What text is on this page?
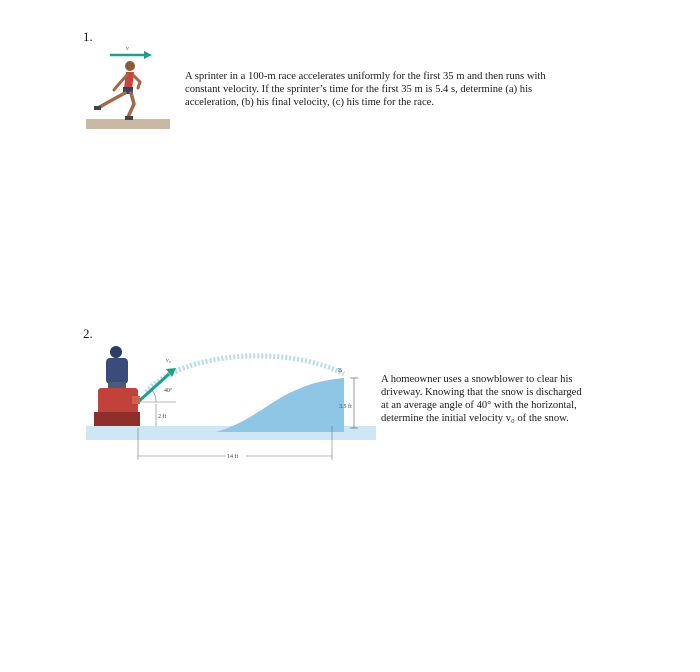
1.
v

A sprinter in a 100-m race accelerates uniformly for the first 35 m and then runs with
constant velocity. If the sprinter’s time for the first 35 m is 5.4 s, determine (a) his
acceleration, (b) his final velocity, (c) his time for the race.

2.
v₀
40°
2 ft
B
3.5 ft
14 ft

A homeowner uses a snowblower to clear his
driveway. Knowing that the snow is discharged
at an average angle of 40° with the horizontal,
determine the initial velocity v₀ of the snow.
